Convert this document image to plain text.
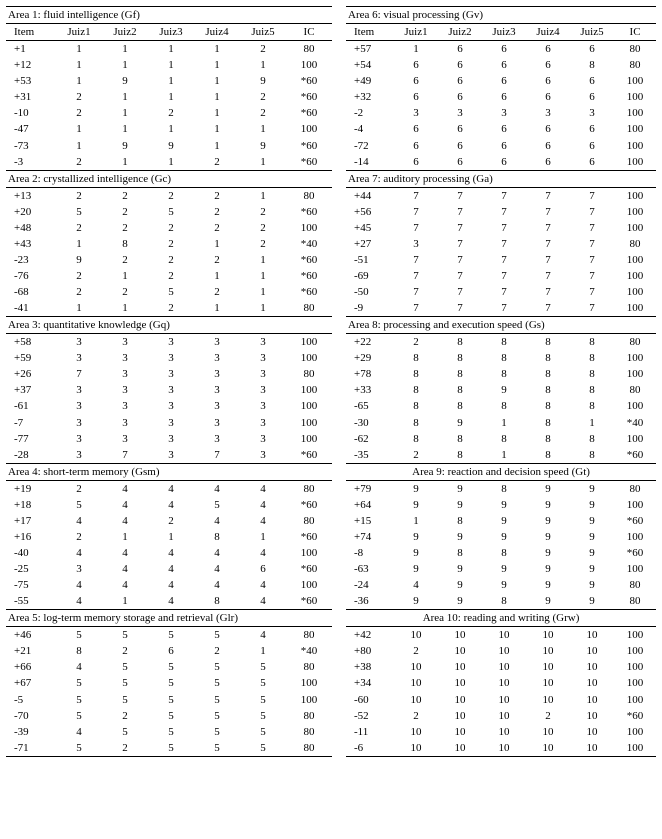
Area 1: fluid intelligence (Gf)						
Item	Juiz1	Juiz2	Juiz3	Juiz4	Juiz5	IC
+1	1	1	1	1	2	80
+12	1	1	1	1	1	100
+53	1	9	1	1	9	*60
+31	2	1	1	1	2	*60
-10	2	1	2	1	2	*60
-47	1	1	1	1	1	100
-73	1	9	9	1	9	*60
-3	2	1	1	2	1	*60
Area 2: crystallized intelligence (Gc)						
+13	2	2	2	2	1	80
+20	5	2	5	2	2	*60
+48	2	2	2	2	2	100
+43	1	8	2	1	2	*40
-23	9	2	2	2	1	*60
-76	2	1	2	1	1	*60
-68	2	2	5	2	1	*60
-41	1	1	2	1	1	80
Area 3: quantitative knowledge (Gq)						
+58	3	3	3	3	3	100
+59	3	3	3	3	3	100
+26	7	3	3	3	3	80
+37	3	3	3	3	3	100
-61	3	3	3	3	3	100
-7	3	3	3	3	3	100
-77	3	3	3	3	3	100
-28	3	7	3	7	3	*60
Area 4: short-term memory (Gsm)						
+19	2	4	4	4	4	80
+18	5	4	4	5	4	*60
+17	4	4	2	4	4	80
+16	2	1	1	8	1	*60
-40	4	4	4	4	4	100
-25	3	4	4	4	6	*60
-75	4	4	4	4	4	100
-55	4	1	4	8	4	*60
Area 5: log-term memory storage and retrieval (Glr)						
+46	5	5	5	5	4	80
+21	8	2	6	2	1	*40
+66	4	5	5	5	5	80
+67	5	5	5	5	5	100
-5	5	5	5	5	5	100
-70	5	2	5	5	5	80
-39	4	5	5	5	5	80
-71	5	2	5	5	5	80
Area 6: visual processing (Gv)						
Item	Juiz1	Juiz2	Juiz3	Juiz4	Juiz5	IC
+57	1	6	6	6	6	80
+54	6	6	6	6	8	80
+49	6	6	6	6	6	100
+32	6	6	6	6	6	100
-2	3	3	3	3	3	100
-4	6	6	6	6	6	100
-72	6	6	6	6	6	100
-14	6	6	6	6	6	100
Area 7: auditory processing (Ga)						
+44	7	7	7	7	7	100
+56	7	7	7	7	7	100
+45	7	7	7	7	7	100
+27	3	7	7	7	7	80
-51	7	7	7	7	7	100
-69	7	7	7	7	7	100
-50	7	7	7	7	7	100
-9	7	7	7	7	7	100
Area 8: processing and execution speed (Gs)						
+22	2	8	8	8	8	80
+29	8	8	8	8	8	100
+78	8	8	8	8	8	100
+33	8	8	9	8	8	80
-65	8	8	8	8	8	100
-30	8	9	1	8	1	*40
-62	8	8	8	8	8	100
-35	2	8	1	8	8	*60
Area 9: reaction and decision speed (Gt)						
+79	9	9	8	9	9	80
+64	9	9	9	9	9	100
+15	1	8	9	9	9	*60
+74	9	9	9	9	9	100
-8	9	8	8	9	9	*60
-63	9	9	9	9	9	100
-24	4	9	9	9	9	80
-36	9	9	8	9	9	80
Area 10: reading and writing (Grw)						
+42	10	10	10	10	10	100
+80	2	10	10	10	10	100
+38	10	10	10	10	10	100
+34	10	10	10	10	10	100
-60	10	10	10	10	10	100
-52	2	10	10	2	10	*60
-11	10	10	10	10	10	100
-6	10	10	10	10	10	100
